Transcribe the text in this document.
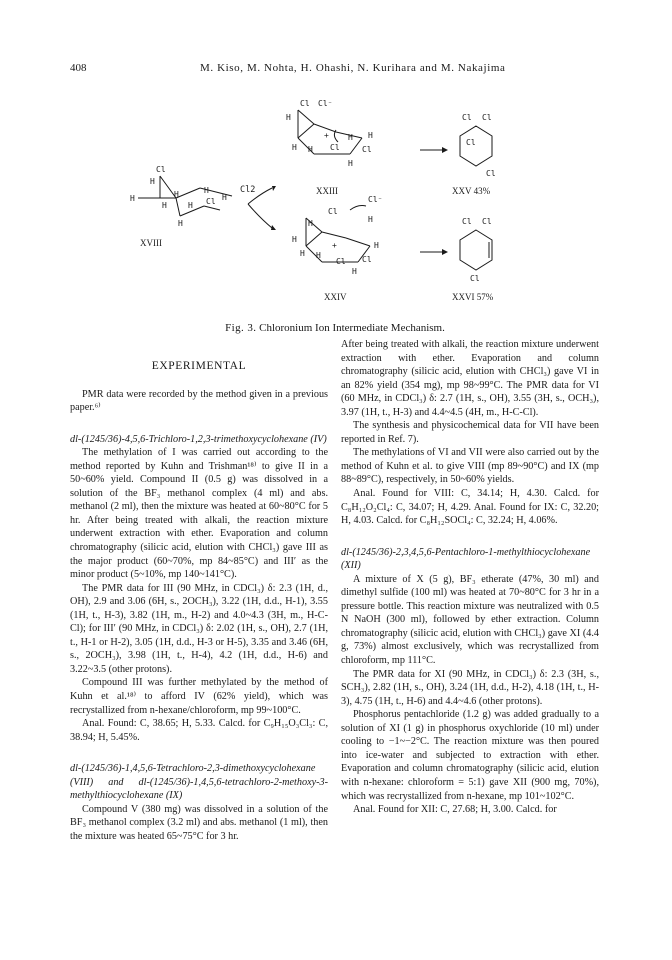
408	M. Kiso, M. Nohta, H. Ohashi, N. Kurihara and M. Nakajima
Cl
H
H
H
H	H
Cl H
H
H
Cl2
Cl Cl⁻
H
H H
+
Cl
H
Cl
H
H
Cl
Cl⁻
H	H
H
H H
+
Cl Cl
H
H
Cl Cl
Cl
Cl
Cl Cl
Cl
XVIII
XXIII
XXIV
XXV 43%
XXVI 57%
Fig. 3. Chloronium Ion Intermediate Mechanism.
EXPERIMENTAL

PMR data were recorded by the method given in a previous paper.⁶⁾

dl-(1245/36)-4,5,6-Trichloro-1,2,3-trimethoxycyclohexane (IV)

The methylation of I was carried out according to the method reported by Kuhn and Trishman¹⁸⁾ to give II in a 50~60% yield. Compound II (0.5 g) was dissolved in a solution of the BF₃ methanol complex (4 ml) and abs. methanol (2 ml), then the mixture was heated at 60~80°C for 5 hr. After being treated with alkali, the reaction mixture underwent extraction with ether. Evaporation and column chromatography (silicic acid, elution with CHCl₃) gave III as the major product (60~70%, mp 84~85°C) and III′ as the minor product (5~10%, mp 140~141°C).

The PMR data for III (90 MHz, in CDCl₃) δ: 2.3 (1H, d., OH), 2.9 and 3.06 (6H, s., 2OCH₃), 3.22 (1H, d.d., H-1), 3.55 (1H, t., H-3), 3.82 (1H, m., H-2) and 4.0~4.3 (3H, m., H-C-Cl); for III′ (90 MHz, in CDCl₃) δ: 2.02 (1H, s., OH), 2.7 (1H, t., H-1 or H-2), 3.05 (1H, d.d., H-3 or H-5), 3.35 and 3.46 (6H, s., 2OCH₃), 3.98 (1H, t., H-4), 4.2 (1H, d.d., H-6) and 3.22~3.5 (other protons).

Compound III was further methylated by the method of Kuhn et al.¹⁸⁾ to afford IV (62% yield), which was recrystallized from n-hexane/chloroform, mp 99~100°C.

Anal. Found: C, 38.65; H, 5.33. Calcd. for C₉H₁₅O₃Cl₃: C, 38.94; H, 5.45%.

dl-(1245/36)-1,4,5,6-Tetrachloro-2,3-dimethoxycyclohexane (VIII) and dl-(1245/36)-1,4,5,6-tetrachloro-2-methoxy-3-methylthiocyclohexane (IX)

Compound V (380 mg) was dissolved in a solution of the BF₃ methanol complex (3.2 ml) and abs. methanol (1 ml), then the mixture was heated 65~75°C for 3 hr.

After being treated with alkali, the reaction mixture underwent extraction with ether. Evaporation and column chromatography (silicic acid, elution with CHCl₃) gave VI in an 82% yield (354 mg), mp 98~99°C. The PMR data for VI (60 MHz, in CDCl₃) δ: 2.7 (1H, s., OH), 3.55 (3H, s., OCH₃), 3.97 (1H, t., H-3) and 4.4~4.5 (4H, m., H-C-Cl).

The synthesis and physicochemical data for VII have been reported in Ref. 7).

The methylations of VI and VII were also carried out by the method of Kuhn et al. to give VIII (mp 89~90°C) and IX (mp 88~89°C), respectively, in 50~60% yields.

Anal. Found for VIII: C, 34.14; H, 4.30. Calcd. for C₈H₁₂O₂Cl₄: C, 34.07; H, 4.29. Anal. Found for IX: C, 32.20; H, 4.03. Calcd. for C₈H₁₂SOCl₄: C, 32.24; H, 4.06%.

dl-(1245/36)-2,3,4,5,6-Pentachloro-1-methylthiocyclohexane (XII)

A mixture of X (5 g), BF₃ etherate (47%, 30 ml) and dimethyl sulfide (100 ml) was heated at 70~80°C for 3 hr in a pressure bottle. This reaction mixture was neutralized with 0.5 N NaOH (300 ml), followed by ether extraction. Column chromatography (silicic acid, elution with CHCl₃) gave XI (4.4 g, 73%) almost exclusively, which was recrystallized from chloroform, mp 111°C.

The PMR data for XI (90 MHz, in CDCl₃) δ: 2.3 (3H, s., SCH₃), 2.82 (1H, s., OH), 3.24 (1H, d.d., H-2), 4.18 (1H, t., H-3), 4.75 (1H, t., H-6) and 4.4~4.6 (other protons).

Phosphorus pentachloride (1.2 g) was added gradually to a solution of XI (1 g) in phosphorus oxychloride (10 ml) under cooling to −1~−2°C. The reaction mixture was then poured into ice-water and subjected to extraction with ether. Evaporation and column chromatography (silicic acid, elution with n-hexane: chloroform = 5:1) gave XII (900 mg, 70%), which was recrystallized from n-hexane, mp 101~102°C.

Anal. Found for XII: C, 27.68; H, 3.00. Calcd. for
